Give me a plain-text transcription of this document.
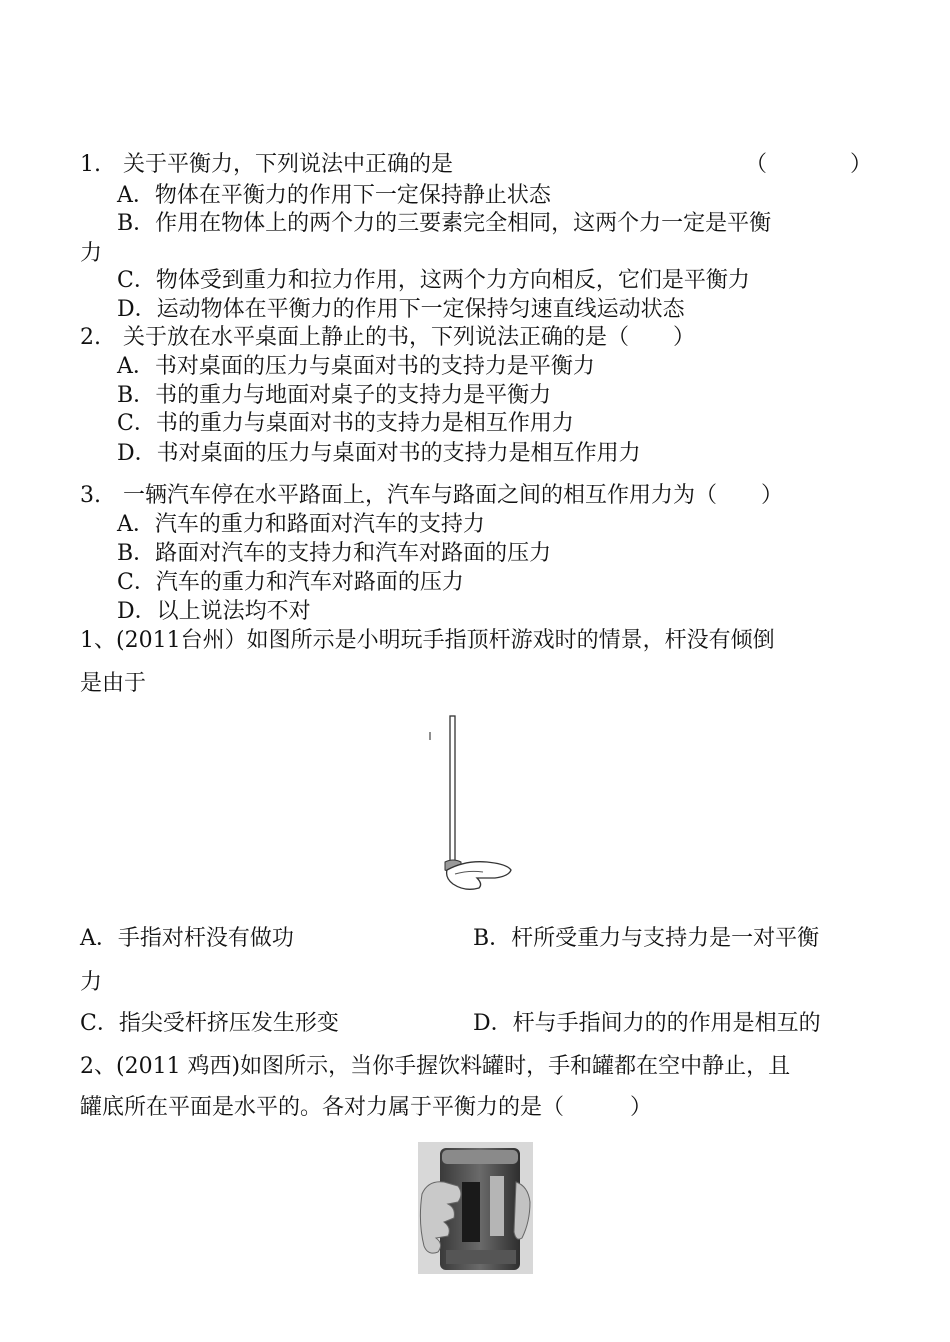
1.　关于平衡力，下列说法中正确的是	（	）
A．物体在平衡力的作用下一定保持静止状态
B．作用在物体上的两个力的三要素完全相同，这两个力一定是平衡
力
C．物体受到重力和拉力作用，这两个力方向相反，它们是平衡力
D．运动物体在平衡力的作用下一定保持匀速直线运动状态
2.　关于放在水平桌面上静止的书，下列说法正确的是（　　）
A．书对桌面的压力与桌面对书的支持力是平衡力
B．书的重力与地面对桌子的支持力是平衡力
C．书的重力与桌面对书的支持力是相互作用力
D．书对桌面的压力与桌面对书的支持力是相互作用力
3.　一辆汽车停在水平路面上，汽车与路面之间的相互作用力为（　　）
A．汽车的重力和路面对汽车的支持力
B．路面对汽车的支持力和汽车对路面的压力
C．汽车的重力和汽车对路面的压力
D．以上说法均不对
1、(2011台州）如图所示是小明玩手指顶杆游戏时的情景，杆没有倾倒
是由于
A．手指对杆没有做功	B．杆所受重力与支持力是一对平衡
力
C．指尖受杆挤压发生形变	D．杆与手指间力的的作用是相互的
2、(2011 鸡西)如图所示，当你手握饮料罐时，手和罐都在空中静止，且
罐底所在平面是水平的。各对力属于平衡力的是（　　　）
